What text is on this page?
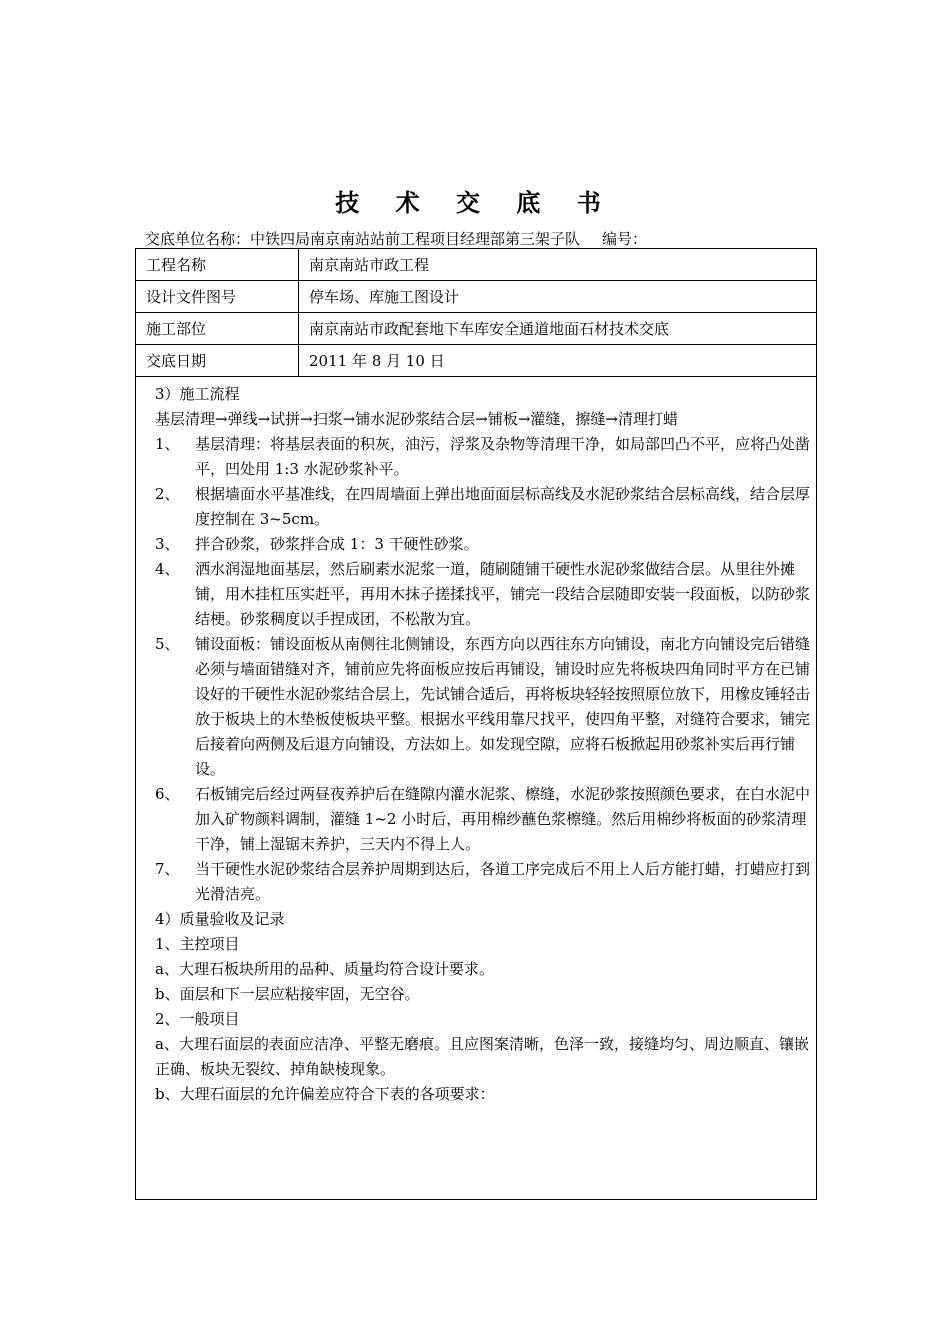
技 术 交 底 书
交底单位名称：中铁四局南京南站站前工程项目经理部第三架子队 编号：
工程名称	南京南站市政工程
设计文件图号	停车场、库施工图设计
施工部位	南京南站市政配套地下车库安全通道地面石材技术交底
交底日期	2011 年 8 月 10 日

3）施工流程

基层清理→弹线→试拼→扫浆→铺水泥砂浆结合层→铺板→灌缝，擦缝→清理打蜡

1、	基层清理：将基层表面的积灰，油污，浮浆及杂物等清理干净，如局部凹凸不平，应将凸处凿平，凹处用 1:3 水泥砂浆补平。
2、	根据墙面水平基准线，在四周墙面上弹出地面面层标高线及水泥砂浆结合层标高线，结合层厚度控制在 3~5cm。
3、	拌合砂浆，砂浆拌合成 1：3 干硬性砂浆。
4、	洒水润湿地面基层，然后刷素水泥浆一道，随刷随铺干硬性水泥砂浆做结合层。从里往外摊铺，用木挂杠压实赶平，再用木抹子搓揉找平，铺完一段结合层随即安装一段面板，以防砂浆结梗。砂浆稠度以手捏成团，不松散为宜。
5、	铺设面板：铺设面板从南侧往北侧铺设，东西方向以西往东方向铺设，南北方向铺设完后错缝必须与墙面错缝对齐，铺前应先将面板应按后再铺设，铺设时应先将板块四角同时平方在已铺设好的干硬性水泥砂浆结合层上，先试铺合适后，再将板块轻轻按照原位放下，用橡皮锤轻击放于板块上的木垫板使板块平整。根据水平线用靠尺找平，使四角平整，对缝符合要求，铺完后接着向两侧及后退方向铺设，方法如上。如发现空隙，应将石板掀起用砂浆补实后再行铺设。
6、	石板铺完后经过两昼夜养护后在缝隙内灌水泥浆、檫缝，水泥砂浆按照颜色要求，在白水泥中加入矿物颜料调制，灌缝 1~2 小时后，再用棉纱蘸色浆檫缝。然后用棉纱将板面的砂浆清理干净，铺上湿锯末养护，三天内不得上人。
7、	当干硬性水泥砂浆结合层养护周期到达后，各道工序完成后不用上人后方能打蜡，打蜡应打到光滑洁亮。

4）质量验收及记录

1、主控项目

a、大理石板块所用的品种、质量均符合设计要求。

b、面层和下一层应粘接牢固，无空谷。

2、一般项目

a、大理石面层的表面应洁净、平整无磨痕。且应图案清晰，色泽一致，接缝均匀、周边顺直、镶嵌正确、板块无裂纹、掉角缺棱现象。

b、大理石面层的允许偏差应符合下表的各项要求：
